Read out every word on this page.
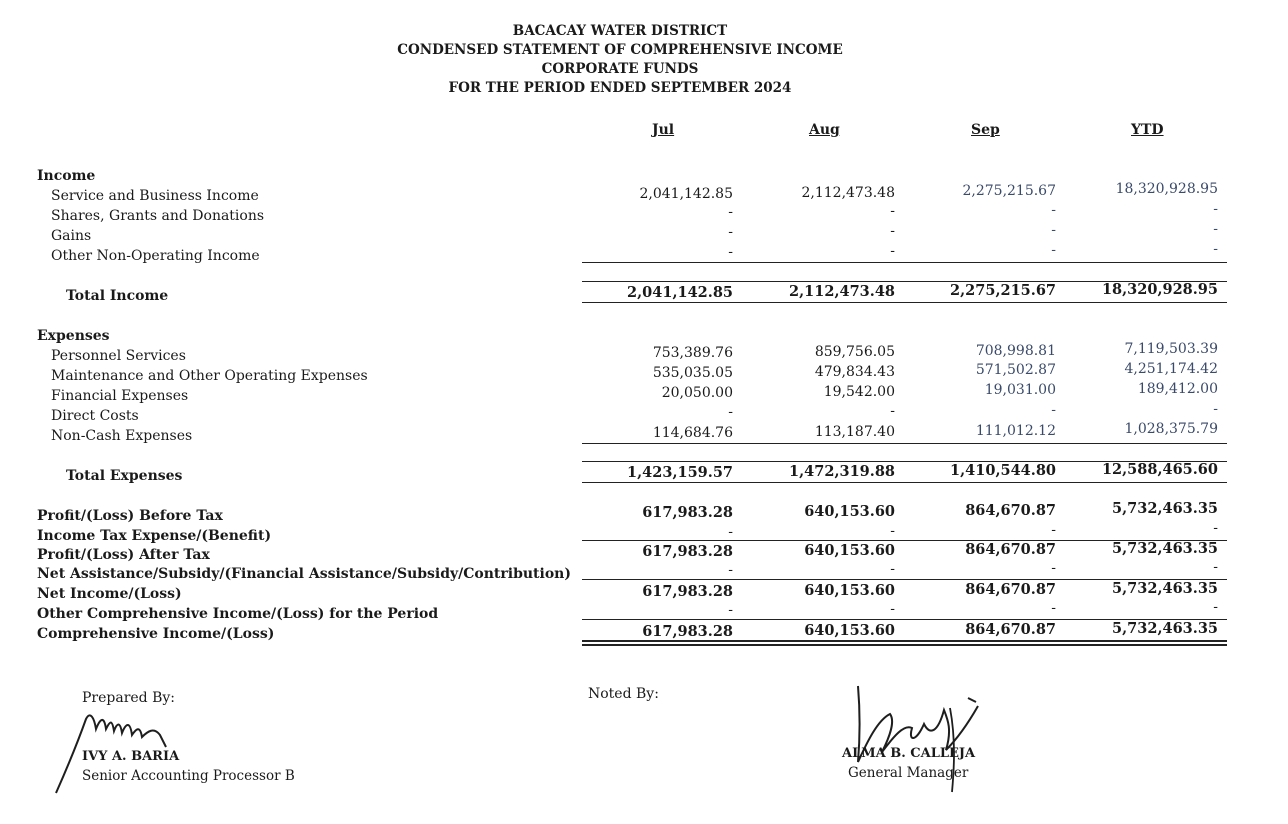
BACACAY WATER DISTRICT
CONDENSED STATEMENT OF COMPREHENSIVE INCOME
CORPORATE FUNDS
FOR THE PERIOD ENDED SEPTEMBER 2024
Jul	Aug	Sep	YTD
Income
Service and Business Income	2,041,142.85	2,112,473.48	2,275,215.67	18,320,928.95
Shares, Grants and Donations	-	-	-	-
Gains	-	-	-	-
Other Non-Operating Income	-	-	-	-
Total Income	2,041,142.85	2,112,473.48	2,275,215.67	18,320,928.95
Expenses
Personnel Services	753,389.76	859,756.05	708,998.81	7,119,503.39
Maintenance and Other Operating Expenses	535,035.05	479,834.43	571,502.87	4,251,174.42
Financial Expenses	20,050.00	19,542.00	19,031.00	189,412.00
Direct Costs	-	-	-	-
Non-Cash Expenses	114,684.76	113,187.40	111,012.12	1,028,375.79
Total Expenses	1,423,159.57	1,472,319.88	1,410,544.80	12,588,465.60
Profit/(Loss) Before Tax	617,983.28	640,153.60	864,670.87	5,732,463.35
Income Tax Expense/(Benefit)	-	-	-	-
Profit/(Loss) After Tax	617,983.28	640,153.60	864,670.87	5,732,463.35
Net Assistance/Subsidy/(Financial Assistance/Subsidy/Contribution)	-	-	-	-
Net Income/(Loss)	617,983.28	640,153.60	864,670.87	5,732,463.35
Other Comprehensive Income/(Loss) for the Period	-	-	-	-
Comprehensive Income/(Loss)	617,983.28	640,153.60	864,670.87	5,732,463.35
Prepared By:
IVY A. BARIA
Senior Accounting Processor B
Noted By:
ALMA B. CALLEJA
General Manager
